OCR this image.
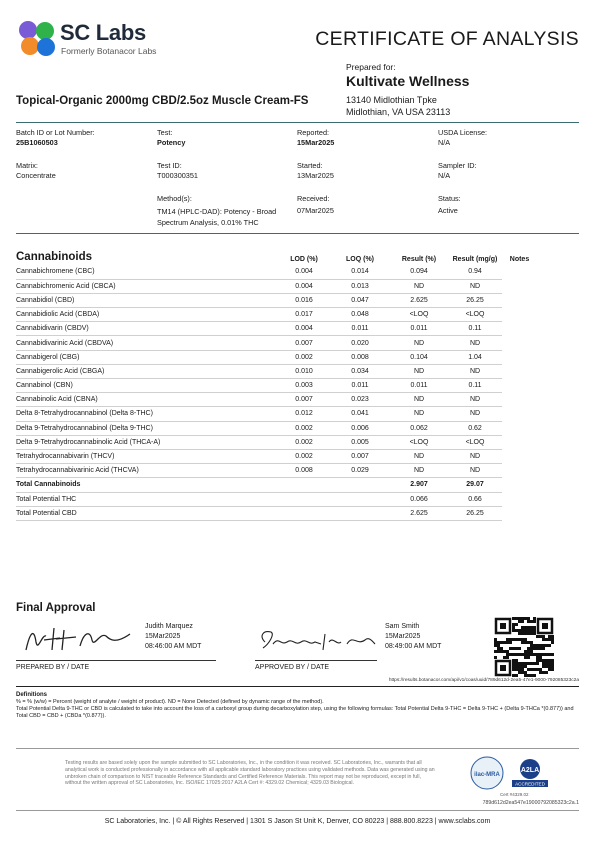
SC Labs
Formerly Botanacor Labs
CERTIFICATE OF ANALYSIS
Prepared for:
Kultivate Wellness
13140 Midlothian Tpke
Midlothian, VA USA 23113
Topical-Organic 2000mg CBD/2.5oz Muscle Cream-FS
Batch ID or Lot Number:
25B1060503
Test:
Potency
Reported:
15Mar2025
USDA License:
N/A
Matrix:
Concentrate
Test ID:
T000300351
Started:
13Mar2025
Sampler ID:
N/A
Method(s):
TM14 (HPLC-DAD): Potency - Broad Spectrum Analysis, 0.01% THC
Received:
07Mar2025
Status:
Active
Cannabinoids	LOD (%)	LOQ (%)	Result (%)	Result (mg/g)	Notes	
Cannabichromene (CBC)	0.004	0.014	0.094	0.94		
Cannabichromenic Acid (CBCA)	0.004	0.013	ND	ND		
Cannabidiol (CBD)	0.016	0.047	2.625	26.25		
Cannabidiolic Acid (CBDA)	0.017	0.048	<LOQ	<LOQ		
Cannabidivarin (CBDV)	0.004	0.011	0.011	0.11		
Cannabidivarinic Acid (CBDVA)	0.007	0.020	ND	ND		
Cannabigerol (CBG)	0.002	0.008	0.104	1.04		
Cannabigerolic Acid (CBGA)	0.010	0.034	ND	ND		
Cannabinol (CBN)	0.003	0.011	0.011	0.11		
Cannabinolic Acid (CBNA)	0.007	0.023	ND	ND		
Delta 8-Tetrahydrocannabinol (Delta 8-THC)	0.012	0.041	ND	ND		
Delta 9-Tetrahydrocannabinol (Delta 9-THC)	0.002	0.006	0.062	0.62		
Delta 9-Tetrahydrocannabinolic Acid (THCA-A)	0.002	0.005	<LOQ	<LOQ		
Tetrahydrocannabivarin (THCV)	0.002	0.007	ND	ND		
Tetrahydrocannabivarinic Acid (THCVA)	0.008	0.029	ND	ND		
Total Cannabinoids			2.907	29.07		
Total Potential THC			0.066	0.66		
Total Potential CBD			2.625	26.25		
Final Approval
Judith Marquez
15Mar2025
08:46:00 AM MDT
PREPARED BY / DATE	APPROVED BY / DATE
Sam Smith
15Mar2025
08:49:00 AM MDT
https://results.botanacor.com/api/v1/coas/uuid/789d612d-2ea5-47e1-9000-792085323c2a
Definitions
% = % (w/w) = Percent (weight of analyte / weight of product). ND = None Detected (defined by dynamic range of the method).
Total Potential Delta 9-THC or CBD is calculated to take into account the loss of a carboxyl group during decarboxylation step, using the following formulas: Total Potential Delta 9-THC = Delta 9-THC + (Delta 9-THCa *(0.877)) and Total CBD = CBD + (CBDa *(0.877)).
Testing results are based solely upon the sample submitted to SC Laboratories, Inc., in the condition it was received. SC Laboratories, Inc., warrants that all analytical work is conducted professionally in accordance with all applicable standard laboratory practices using validated methods. Data was generated using an unbroken chain of comparison to NIST traceable Reference Standards and Certified Reference Materials. This report may not be reproduced, except in full, without the written approval of SC Laboratories, Inc. ISO/IEC 17025:2017 A2LA Cert #: 4329.02 Chemical; 4329.03 Biological.
ilac-MRA
A2LA
ACCREDITED
Cert #4329.02
789d612d2ea547e19000792085323c2a.1
SC Laboratories, Inc. | © All Rights Reserved | 1301 S Jason St Unit K, Denver, CO 80223 | 888.800.8223 | www.sclabs.com
